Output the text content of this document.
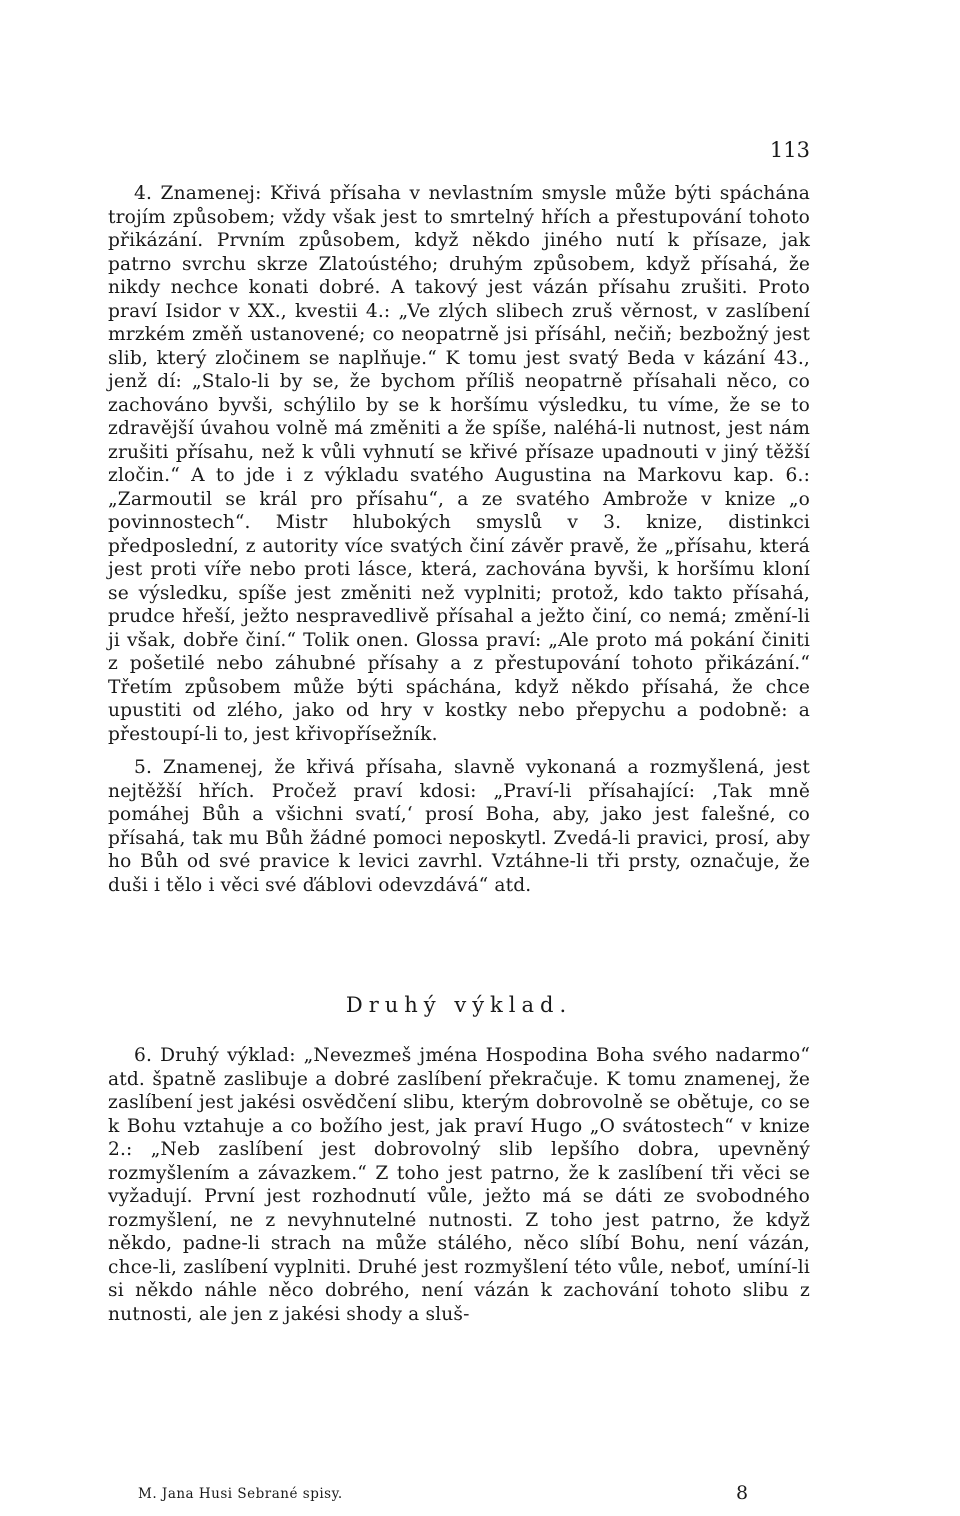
113

4. Znamenej: Křivá přísaha v nevlastním smysle může býti spáchána trojím způsobem; vždy však jest to smrtelný hřích a přestupování tohoto přikázání. Prvním způsobem, když někdo jiného nutí k přísaze, jak patrno svrchu skrze Zlatoústého; druhým způsobem, když přísahá, že nikdy nechce konati dobré. A takový jest vázán přísahu zrušiti. Proto praví Isidor v XX., kvestii 4.: „Ve zlých slibech zruš věrnost, v zaslíbení mrzkém změň ustanovené; co neopatrně jsi přísáhl, nečiň; bezbožný jest slib, který zločinem se naplňuje.“ K tomu jest svatý Beda v kázání 43., jenž dí: „Stalo-li by se, že bychom příliš neopatrně přísahali něco, co zachováno byvši, schýlilo by se k horšímu výsledku, tu víme, že se to zdravější úvahou volně má změniti a že spíše, naléhá-li nutnost, jest nám zrušiti přísahu, než k vůli vyhnutí se křivé přísaze upadnouti v jiný těžší zločin.“ A to jde i z výkladu svatého Augustina na Markovu kap. 6.: „Zarmoutil se král pro přísahu“, a ze svatého Ambrože v knize „o povinnostech“. Mistr hlubokých smyslů v 3. knize, distinkci předposlední, z autority více svatých činí závěr pravě, že „přísahu, která jest proti víře nebo proti lásce, která, zachována byvši, k horšímu kloní se výsledku, spíše jest změniti než vyplniti; protož, kdo takto přísahá, prudce hřeší, ježto nespravedlivě přísahal a ježto činí, co nemá; změní-li ji však, dobře činí.“ Tolik onen. Glossa praví: „Ale proto má pokání činiti z pošetilé nebo záhubné přísahy a z přestupování tohoto přikázání.“ Třetím způsobem může býti spáchána, když někdo přísahá, že chce upustiti od zlého, jako od hry v kostky nebo přepychu a podobně: a přestoupí-li to, jest křivopřísežník.

5. Znamenej, že křivá přísaha, slavně vykonaná a rozmyšlená, jest nejtěžší hřích. Pročež praví kdosi: „Praví-li přísahající: ‚Tak mně pomáhej Bůh a všichni svatí,‘ prosí Boha, aby, jako jest falešné, co přísahá, tak mu Bůh žádné pomoci neposkytl. Zvedá-li pravici, prosí, aby ho Bůh od své pravice k levici zavrhl. Vztáhne-li tři prsty, označuje, že duši i tělo i věci své ďáblovi odevzdává“ atd.

Druhý výklad.

6. Druhý výklad: „Nevezmeš jména Hospodina Boha svého nadarmo“ atd. špatně zaslibuje a dobré zaslíbení překračuje. K tomu znamenej, že zaslíbení jest jakési osvědčení slibu, kterým dobrovolně se obětuje, co se k Bohu vztahuje a co božího jest, jak praví Hugo „O svátostech“ v knize 2.: „Neb zaslíbení jest dobrovolný slib lepšího dobra, upevněný rozmyšlením a závazkem.“ Z toho jest patrno, že k zaslíbení tři věci se vyžadují. První jest rozhodnutí vůle, ježto má se dáti ze svobodného rozmyšlení, ne z nevyhnutelné nutnosti. Z toho jest patrno, že když někdo, padne-li strach na může stálého, něco slíbí Bohu, není vázán, chce-li, zaslíbení vyplniti. Druhé jest rozmyšlení této vůle, neboť, umíní-li si někdo náhle něco dobrého, není vázán k zachování tohoto slibu z nutnosti, ale jen z jakési shody a sluš-

M. Jana Husi Sebrané spisy.	8
